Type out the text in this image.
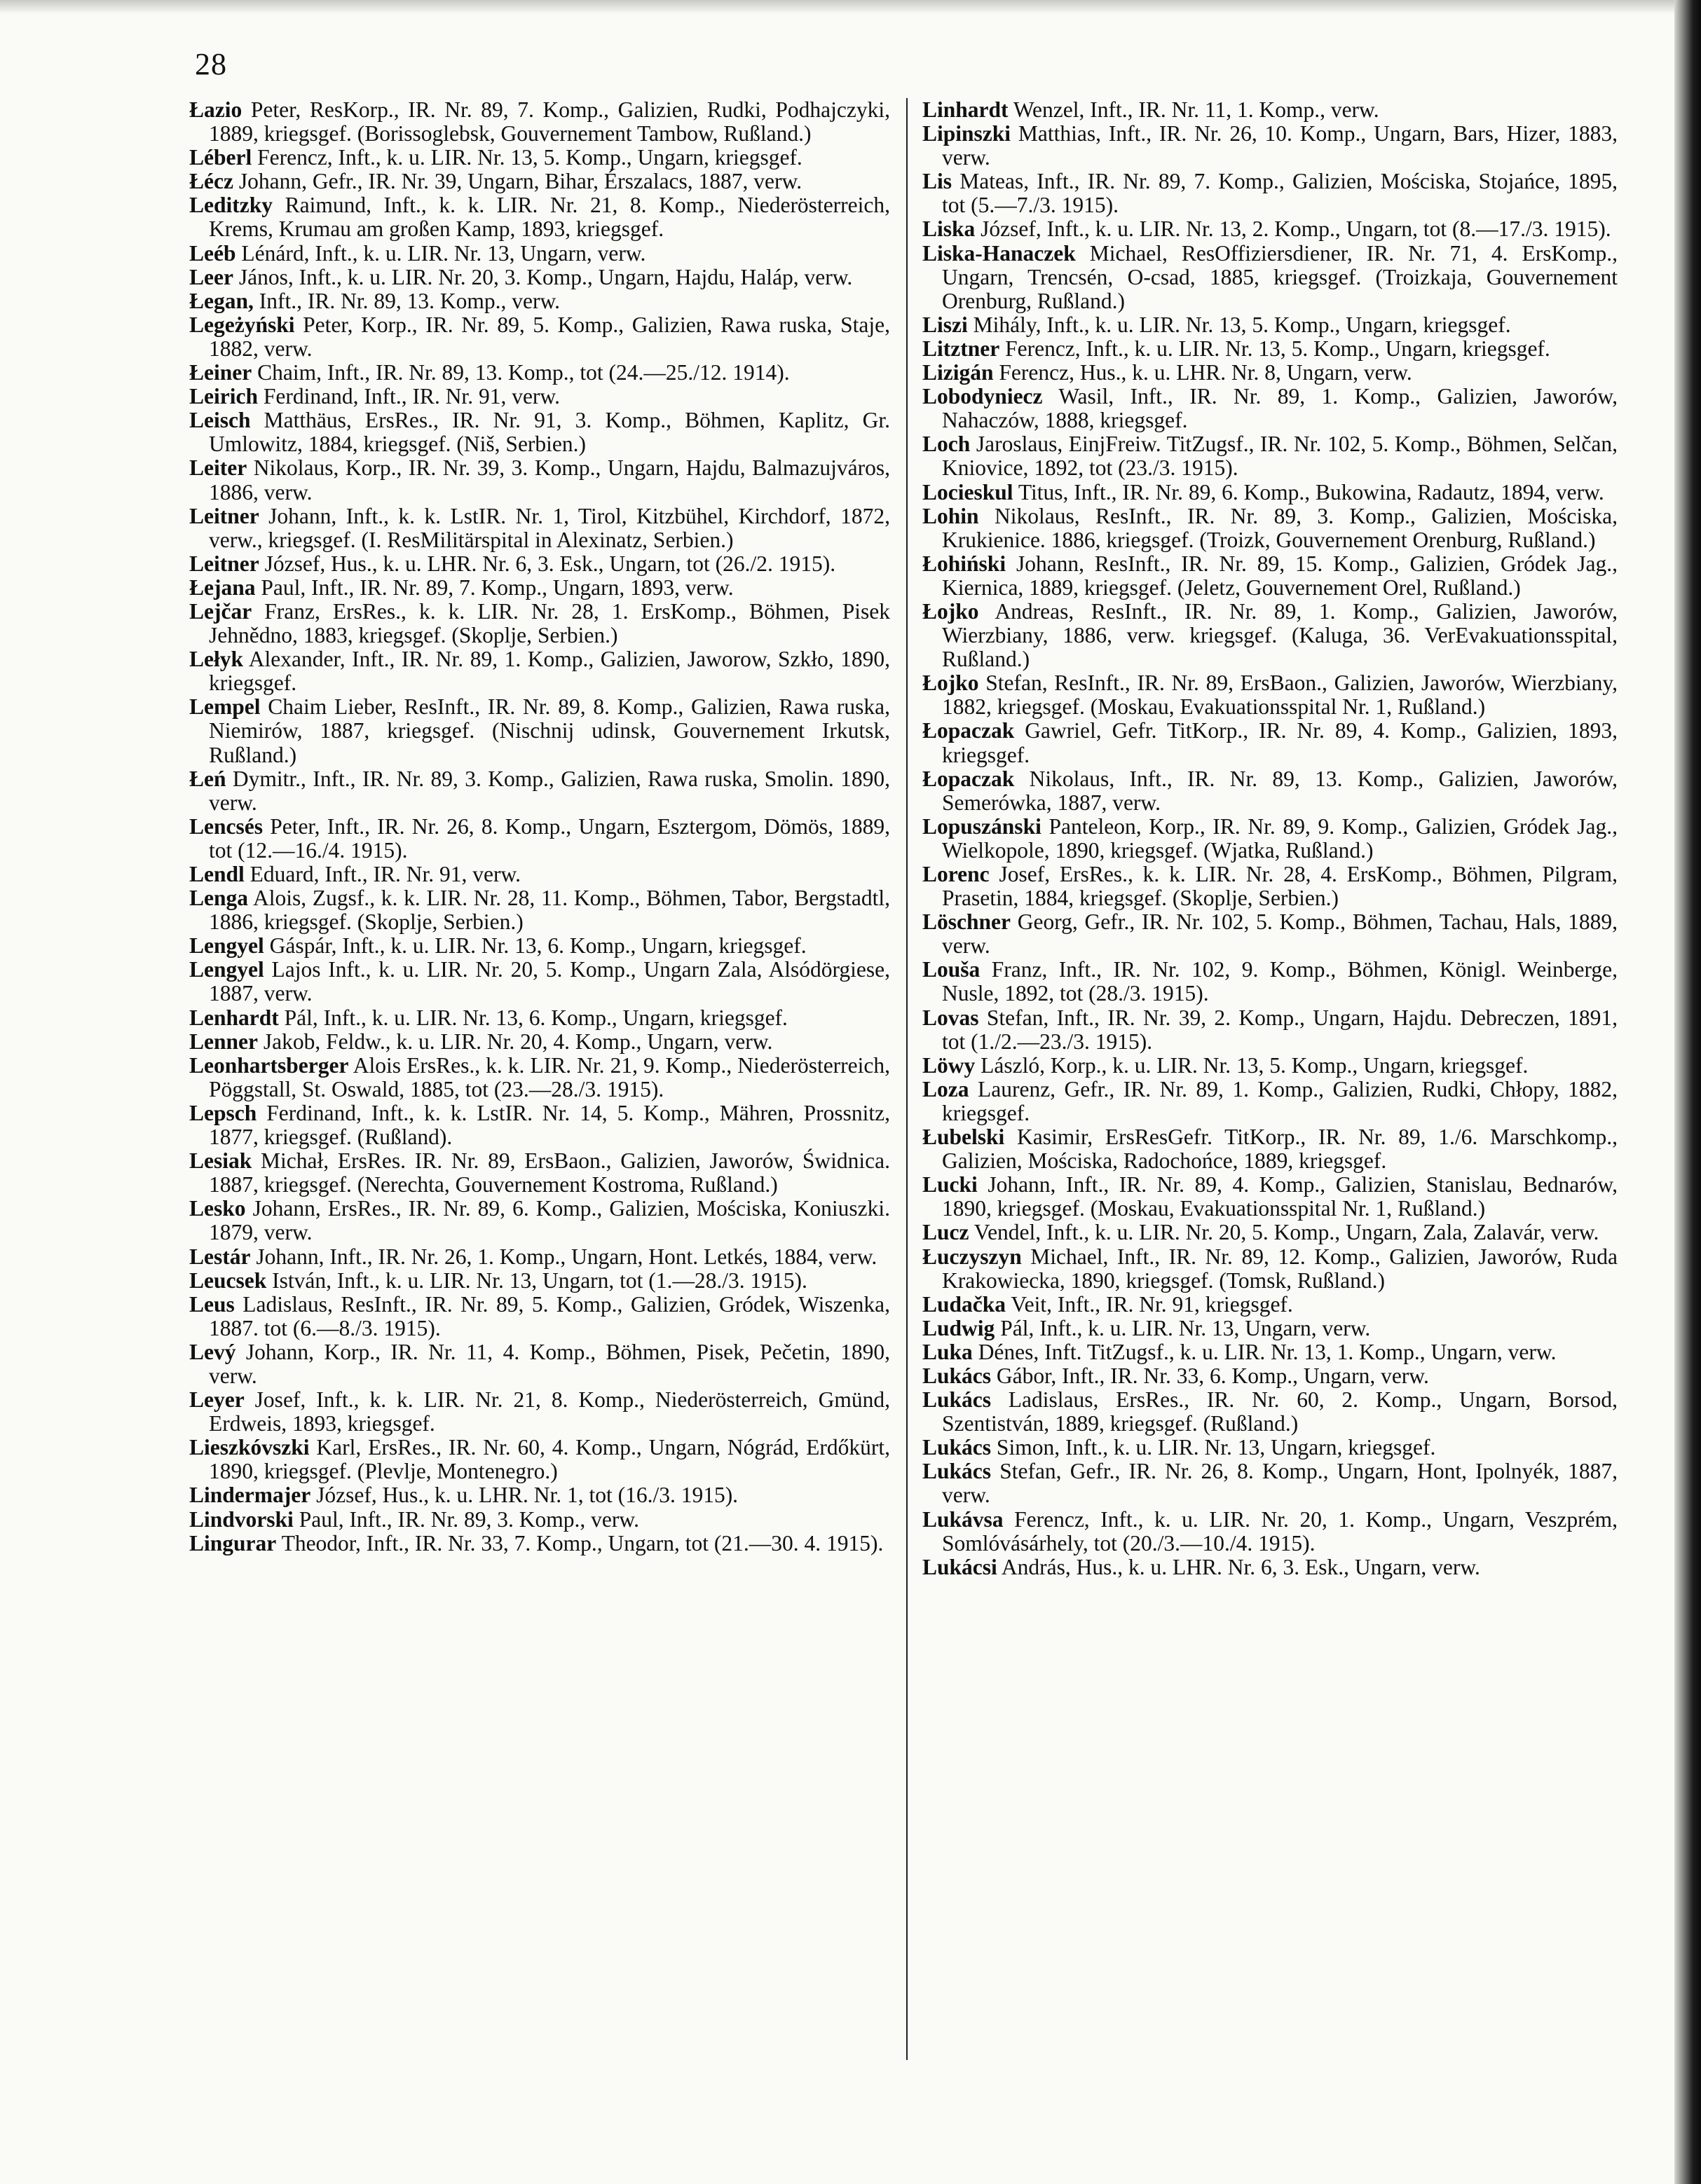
28

Łazio Peter, ResKorp., IR. Nr. 89, 7. Komp., Galizien, Rudki, Podhajczyki, 1889, kriegsgef. (Borissoglebsk, Gouvernement Tambow, Rußland.)

Léberl Ferencz, Inft., k. u. LIR. Nr. 13, 5. Komp., Ungarn, kriegsgef.

Łécz Johann, Gefr., IR. Nr. 39, Ungarn, Bihar, Érszalacs, 1887, verw.

Leditzky Raimund, Inft., k. k. LIR. Nr. 21, 8. Komp., Niederösterreich, Krems, Krumau am großen Kamp, 1893, kriegsgef.

Leéb Lénárd, Inft., k. u. LIR. Nr. 13, Ungarn, verw.

Leer János, Inft., k. u. LIR. Nr. 20, 3. Komp., Ungarn, Hajdu, Haláp, verw.

Łegan, Inft., IR. Nr. 89, 13. Komp., verw.

Legeżyński Peter, Korp., IR. Nr. 89, 5. Komp., Galizien, Rawa ruska, Staje, 1882, verw.

Łeiner Chaim, Inft., IR. Nr. 89, 13. Komp., tot (24.—25./12. 1914).

Leirich Ferdinand, Inft., IR. Nr. 91, verw.

Leisch Matthäus, ErsRes., IR. Nr. 91, 3. Komp., Böhmen, Kaplitz, Gr. Umlowitz, 1884, kriegsgef. (Niš, Serbien.)

Leiter Nikolaus, Korp., IR. Nr. 39, 3. Komp., Ungarn, Hajdu, Balmazujváros, 1886, verw.

Leitner Johann, Inft., k. k. LstIR. Nr. 1, Tirol, Kitzbühel, Kirchdorf, 1872, verw., kriegsgef. (I. ResMilitärspital in Alexinatz, Serbien.)

Leitner József, Hus., k. u. LHR. Nr. 6, 3. Esk., Ungarn, tot (26./2. 1915).

Łejana Paul, Inft., IR. Nr. 89, 7. Komp., Ungarn, 1893, verw.

Lejčar Franz, ErsRes., k. k. LIR. Nr. 28, 1. ErsKomp., Böhmen, Pisek Jehnědno, 1883, kriegsgef. (Skoplje, Serbien.)

Lełyk Alexander, Inft., IR. Nr. 89, 1. Komp., Galizien, Jaworow, Szkło, 1890, kriegsgef.

Lempel Chaim Lieber, ResInft., IR. Nr. 89, 8. Komp., Galizien, Rawa ruska, Niemirów, 1887, kriegsgef. (Nischnij udinsk, Gouvernement Irkutsk, Rußland.)

Łeń Dymitr., Inft., IR. Nr. 89, 3. Komp., Galizien, Rawa ruska, Smolin. 1890, verw.

Lencsés Peter, Inft., IR. Nr. 26, 8. Komp., Ungarn, Esztergom, Dömös, 1889, tot (12.—16./4. 1915).

Lendl Eduard, Inft., IR. Nr. 91, verw.

Lenga Alois, Zugsf., k. k. LIR. Nr. 28, 11. Komp., Böhmen, Tabor, Bergstadtl, 1886, kriegsgef. (Skoplje, Serbien.)

Lengyel Gáspár, Inft., k. u. LIR. Nr. 13, 6. Komp., Ungarn, kriegsgef.

Lengyel Lajos Inft., k. u. LIR. Nr. 20, 5. Komp., Ungarn Zala, Alsódörgiese, 1887, verw.

Lenhardt Pál, Inft., k. u. LIR. Nr. 13, 6. Komp., Ungarn, kriegsgef.

Lenner Jakob, Feldw., k. u. LIR. Nr. 20, 4. Komp., Ungarn, verw.

Leonhartsberger Alois ErsRes., k. k. LIR. Nr. 21, 9. Komp., Niederösterreich, Pöggstall, St. Oswald, 1885, tot (23.—28./3. 1915).

Lepsch Ferdinand, Inft., k. k. LstIR. Nr. 14, 5. Komp., Mähren, Prossnitz, 1877, kriegsgef. (Rußland).

Lesiak Michał, ErsRes. IR. Nr. 89, ErsBaon., Galizien, Jaworów, Świdnica. 1887, kriegsgef. (Nerechta, Gouvernement Kostroma, Rußland.)

Lesko Johann, ErsRes., IR. Nr. 89, 6. Komp., Galizien, Mościska, Koniuszki. 1879, verw.

Lestár Johann, Inft., IR. Nr. 26, 1. Komp., Ungarn, Hont. Letkés, 1884, verw.

Leucsek István, Inft., k. u. LIR. Nr. 13, Ungarn, tot (1.—28./3. 1915).

Leus Ladislaus, ResInft., IR. Nr. 89, 5. Komp., Galizien, Gródek, Wiszenka, 1887. tot (6.—8./3. 1915).

Levý Johann, Korp., IR. Nr. 11, 4. Komp., Böhmen, Pisek, Pečetin, 1890, verw.

Leyer Josef, Inft., k. k. LIR. Nr. 21, 8. Komp., Niederösterreich, Gmünd, Erdweis, 1893, kriegsgef.

Lieszkóvszki Karl, ErsRes., IR. Nr. 60, 4. Komp., Ungarn, Nógrád, Erdőkürt, 1890, kriegsgef. (Plevlje, Montenegro.)

Lindermajer József, Hus., k. u. LHR. Nr. 1, tot (16./3. 1915).

Lindvorski Paul, Inft., IR. Nr. 89, 3. Komp., verw.

Lingurar Theodor, Inft., IR. Nr. 33, 7. Komp., Ungarn, tot (21.—30. 4. 1915).

Linhardt Wenzel, Inft., IR. Nr. 11, 1. Komp., verw.

Lipinszki Matthias, Inft., IR. Nr. 26, 10. Komp., Ungarn, Bars, Hizer, 1883, verw.

Lis Mateas, Inft., IR. Nr. 89, 7. Komp., Galizien, Mościska, Stojańce, 1895, tot (5.—7./3. 1915).

Liska József, Inft., k. u. LIR. Nr. 13, 2. Komp., Ungarn, tot (8.—17./3. 1915).

Liska-Hanaczek Michael, ResOffiziersdiener, IR. Nr. 71, 4. ErsKomp., Ungarn, Trencsén, O-csad, 1885, kriegsgef. (Troizkaja, Gouvernement Orenburg, Rußland.)

Liszi Mihály, Inft., k. u. LIR. Nr. 13, 5. Komp., Ungarn, kriegsgef.

Litztner Ferencz, Inft., k. u. LIR. Nr. 13, 5. Komp., Ungarn, kriegsgef.

Lizigán Ferencz, Hus., k. u. LHR. Nr. 8, Ungarn, verw.

Lobodyniecz Wasil, Inft., IR. Nr. 89, 1. Komp., Galizien, Jaworów, Nahaczów, 1888, kriegsgef.

Loch Jaroslaus, EinjFreiw. TitZugsf., IR. Nr. 102, 5. Komp., Böhmen, Selčan, Kniovice, 1892, tot (23./3. 1915).

Locieskul Titus, Inft., IR. Nr. 89, 6. Komp., Bukowina, Radautz, 1894, verw.

Lohin Nikolaus, ResInft., IR. Nr. 89, 3. Komp., Galizien, Mościska, Krukienice. 1886, kriegsgef. (Troizk, Gouvernement Orenburg, Rußland.)

Łohiński Johann, ResInft., IR. Nr. 89, 15. Komp., Galizien, Gródek Jag., Kiernica, 1889, kriegsgef. (Jeletz, Gouvernement Orel, Rußland.)

Łojko Andreas, ResInft., IR. Nr. 89, 1. Komp., Galizien, Jaworów, Wierzbiany, 1886, verw. kriegsgef. (Kaluga, 36. VerEvakuationsspital, Rußland.)

Łojko Stefan, ResInft., IR. Nr. 89, ErsBaon., Galizien, Jaworów, Wierzbiany, 1882, kriegsgef. (Moskau, Evakuationsspital Nr. 1, Rußland.)

Łopaczak Gawriel, Gefr. TitKorp., IR. Nr. 89, 4. Komp., Galizien, 1893, kriegsgef.

Łopaczak Nikolaus, Inft., IR. Nr. 89, 13. Komp., Galizien, Jaworów, Semerówka, 1887, verw.

Lopuszánski Panteleon, Korp., IR. Nr. 89, 9. Komp., Galizien, Gródek Jag., Wielkopole, 1890, kriegsgef. (Wjatka, Rußland.)

Lorenc Josef, ErsRes., k. k. LIR. Nr. 28, 4. ErsKomp., Böhmen, Pilgram, Prasetin, 1884, kriegsgef. (Skoplje, Serbien.)

Löschner Georg, Gefr., IR. Nr. 102, 5. Komp., Böhmen, Tachau, Hals, 1889, verw.

Louša Franz, Inft., IR. Nr. 102, 9. Komp., Böhmen, Königl. Weinberge, Nusle, 1892, tot (28./3. 1915).

Lovas Stefan, Inft., IR. Nr. 39, 2. Komp., Ungarn, Hajdu. Debreczen, 1891, tot (1./2.—23./3. 1915).

Löwy László, Korp., k. u. LIR. Nr. 13, 5. Komp., Ungarn, kriegsgef.

Loza Laurenz, Gefr., IR. Nr. 89, 1. Komp., Galizien, Rudki, Chłopy, 1882, kriegsgef.

Łubelski Kasimir, ErsResGefr. TitKorp., IR. Nr. 89, 1./6. Marschkomp., Galizien, Mościska, Radochońce, 1889, kriegsgef.

Lucki Johann, Inft., IR. Nr. 89, 4. Komp., Galizien, Stanislau, Bednarów, 1890, kriegsgef. (Moskau, Evakuationsspital Nr. 1, Rußland.)

Lucz Vendel, Inft., k. u. LIR. Nr. 20, 5. Komp., Ungarn, Zala, Zalavár, verw.

Łuczyszyn Michael, Inft., IR. Nr. 89, 12. Komp., Galizien, Jaworów, Ruda Krakowiecka, 1890, kriegsgef. (Tomsk, Rußland.)

Ludačka Veit, Inft., IR. Nr. 91, kriegsgef.

Ludwig Pál, Inft., k. u. LIR. Nr. 13, Ungarn, verw.

Luka Dénes, Inft. TitZugsf., k. u. LIR. Nr. 13, 1. Komp., Ungarn, verw.

Lukács Gábor, Inft., IR. Nr. 33, 6. Komp., Ungarn, verw.

Lukács Ladislaus, ErsRes., IR. Nr. 60, 2. Komp., Ungarn, Borsod, Szentistván, 1889, kriegsgef. (Rußland.)

Lukács Simon, Inft., k. u. LIR. Nr. 13, Ungarn, kriegsgef.

Lukács Stefan, Gefr., IR. Nr. 26, 8. Komp., Ungarn, Hont, Ipolnyék, 1887, verw.

Lukávsa Ferencz, Inft., k. u. LIR. Nr. 20, 1. Komp., Ungarn, Veszprém, Somlóvásárhely, tot (20./3.—10./4. 1915).

Lukácsi András, Hus., k. u. LHR. Nr. 6, 3. Esk., Ungarn, verw.
